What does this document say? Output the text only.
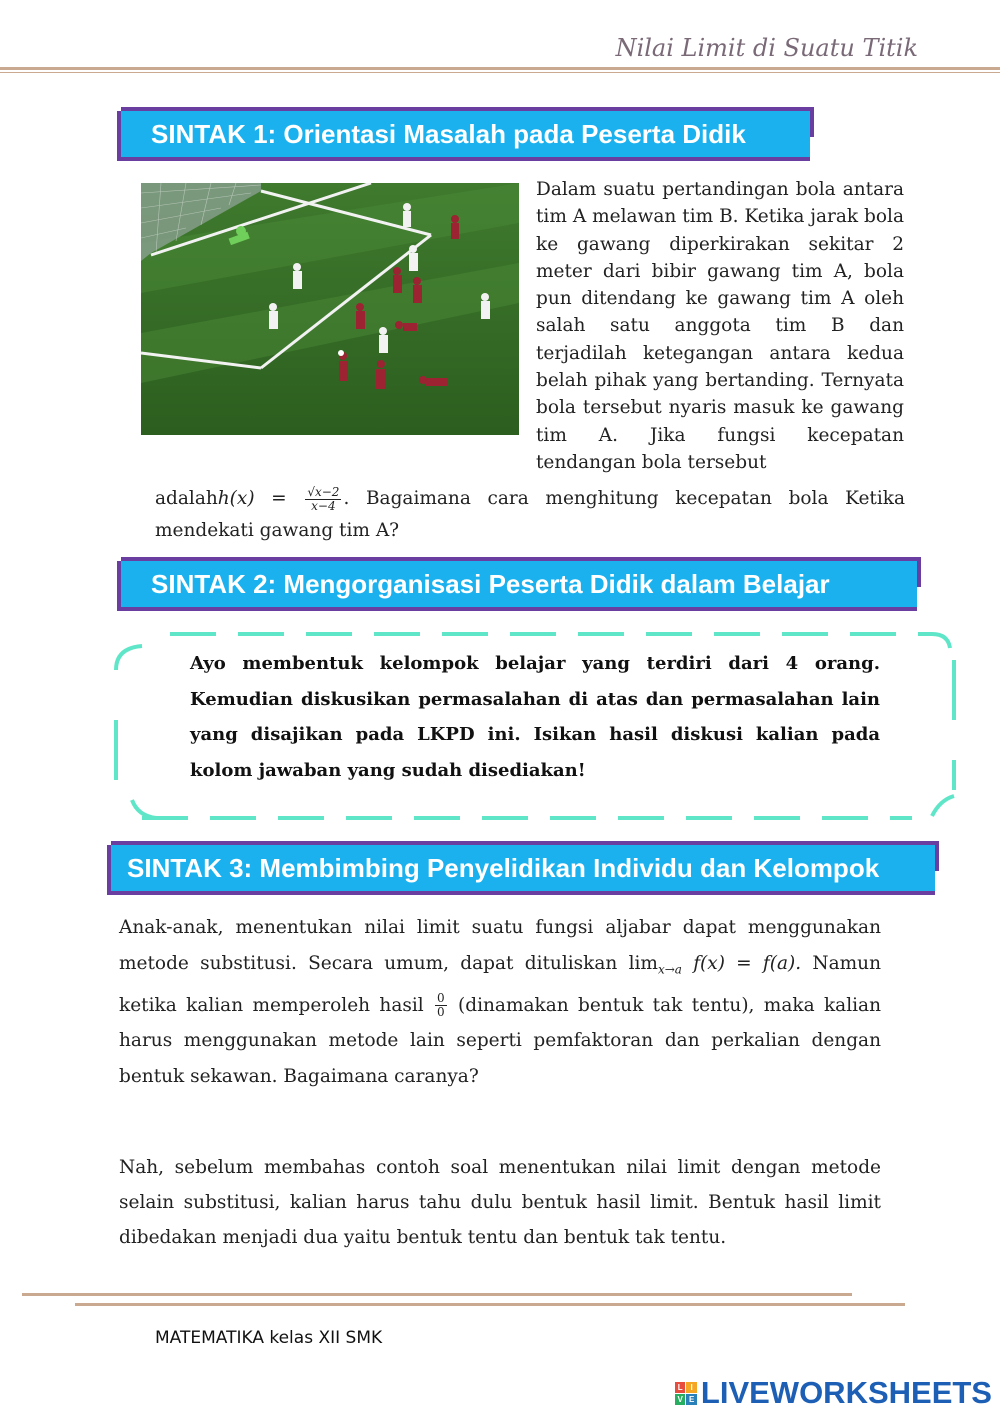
Nilai Limit di Suatu Titik
SINTAK 1: Orientasi Masalah pada Peserta Didik
Dalam suatu pertandingan bola antara tim A melawan tim B. Ketika jarak bola ke gawang diperkirakan sekitar 2 meter dari bibir gawang tim A, bola pun ditendang ke gawang tim A oleh salah satu anggota tim B dan terjadilah ketegangan antara kedua belah pihak yang bertanding. Ternyata bola tersebut nyaris masuk ke gawang tim A. Jika fungsi kecepatan tendangan bola tersebut
adalahh(x) = $\frac{√x-2}{x-4}$ . Bagaimana cara menghitung kecepatan bola Ketika mendekati gawang tim A?
SINTAK 2: Mengorganisasi Peserta Didik dalam Belajar
Ayo membentuk kelompok belajar yang terdiri dari 4 orang. Kemudian diskusikan permasalahan di atas dan permasalahan lain yang disajikan pada LKPD ini. Isikan hasil diskusi kalian pada kolom jawaban yang sudah disediakan!
SINTAK 3: Membimbing Penyelidikan Individu dan Kelompok
Anak-anak, menentukan nilai limit suatu fungsi aljabar dapat menggunakan metode substitusi. Secara umum, dapat dituliskan $\lim_{x\to a} f(x) = f(a)$. Namun ketika kalian memperoleh hasil $\frac{0}{0}$ (dinamakan bentuk tak tentu), maka kalian harus menggunakan metode lain seperti pemfaktoran dan perkalian dengan bentuk sekawan. Bagaimana caranya?
Nah, sebelum membahas contoh soal menentukan nilai limit dengan metode selain substitusi, kalian harus tahu dulu bentuk hasil limit. Bentuk hasil limit dibedakan menjadi dua yaitu bentuk tentu dan bentuk tak tentu.
MATEMATIKA kelas XII SMK
L I
V E LIVEWORKSHEETS
